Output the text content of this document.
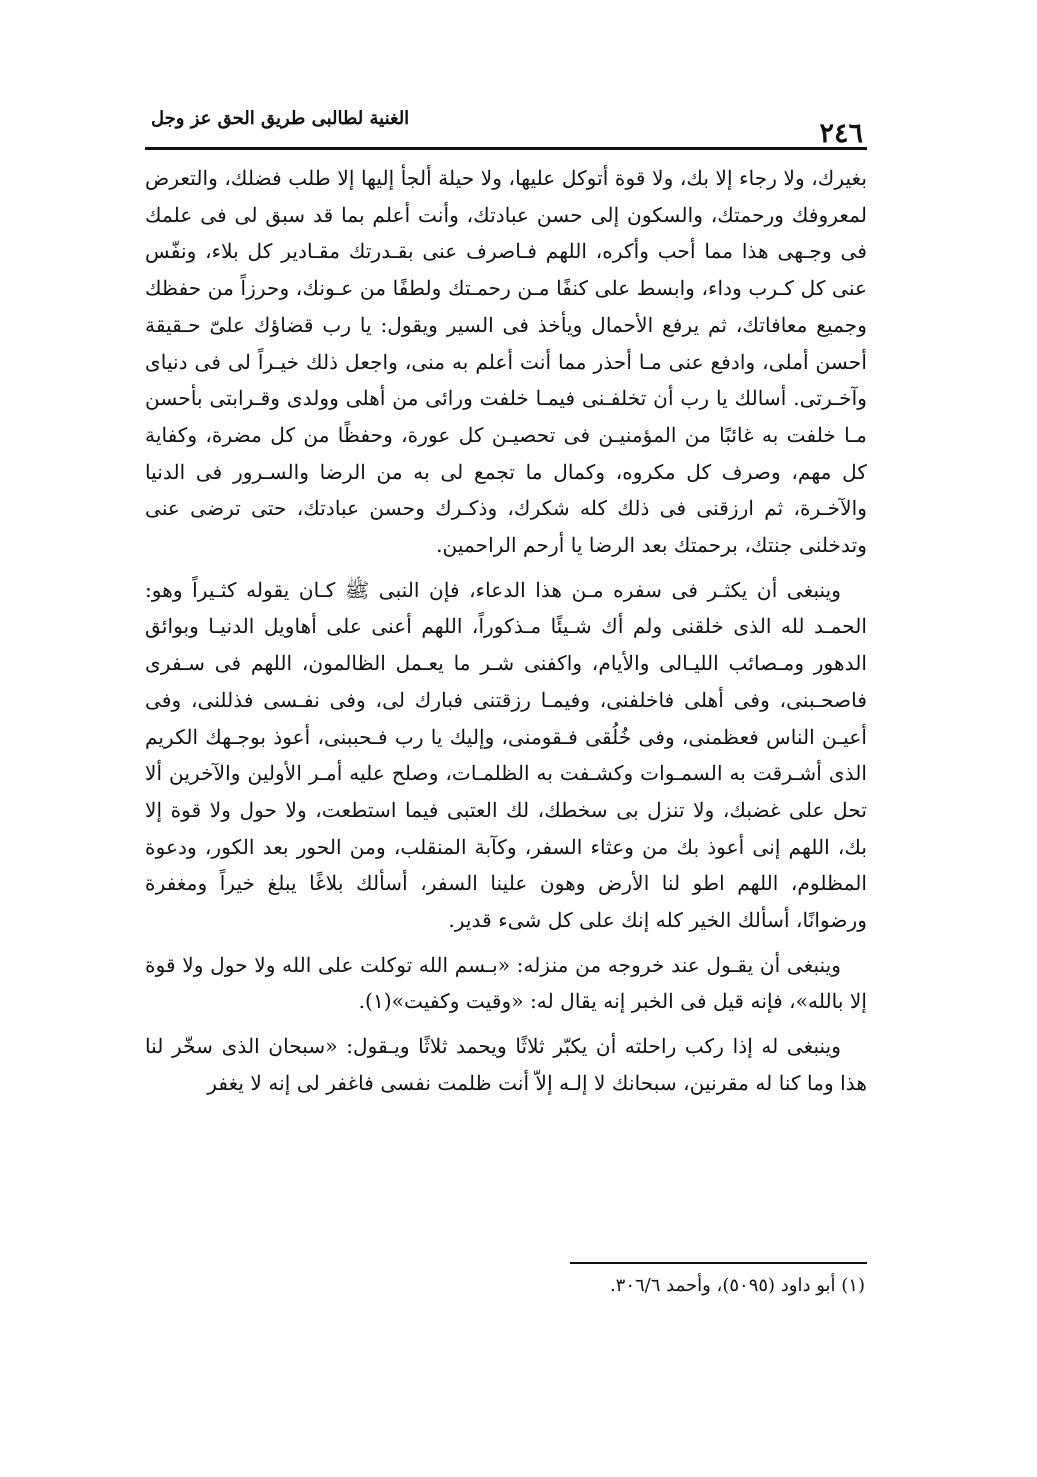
٢٤٦
الغنية لطالبى طريق الحق عز وجل

بغيرك، ولا رجاء إلا بك، ولا قوة أتوكل عليها، ولا حيلة ألجأ إليها إلا طلب فضلك، والتعرض لمعروفك ورحمتك، والسكون إلى حسن عبادتك، وأنت أعلم بما قد سبق لى فى علمك فى وجـهى هذا مما أحب وأكره، اللهم فـاصرف عنى بقـدرتك مقـادير كل بلاء، ونفّس عنى كل كـرب وداء، وابسط على كنفًا مـن رحمـتك ولطفًا من عـونك، وحرزاً من حفظك وجميع معافاتك، ثم يرفع الأحمال ويأخذ فى السير ويقول: يا رب قضاؤك علىّ حـقيقة أحسن أملى، وادفع عنى مـا أحذر مما أنت أعلم به منى، واجعل ذلك خيـراً لى فى دنياى وآخـرتى. أسالك يا رب أن تخلفـنى فيمـا خلفت ورائى من أهلى وولدى وقـرابتى بأحسن مـا خلفت به غائبًا من المؤمنيـن فى تحصيـن كل عورة، وحفظًا من كل مضرة، وكفاية كل مهم، وصرف كل مكروه، وكمال ما تجمع لى به من الرضا والسـرور فى الدنيا والآخـرة، ثم ارزقنى فى ذلك كله شكرك، وذكـرك وحسن عبادتك، حتى ترضى عنى وتدخلنى جنتك، برحمتك بعد الرضا يا أرحم الراحمين.

وينبغى أن يكثـر فى سفره مـن هذا الدعاء، فإن النبى ﷺ كـان يقوله كثـيراً وهو: الحمـد لله الذى خلقنى ولم أك شـيئًا مـذكوراً، اللهم أعنى على أهاويل الدنيـا وبوائق الدهور ومـصائب الليـالى والأيام، واكفنى شـر ما يعـمل الظالمون، اللهم فى سـفرى فاصحـبنى، وفى أهلى فاخلفنى، وفيمـا رزقتنى فبارك لى، وفى نفـسى فذللنى، وفى أعيـن الناس فعظمنى، وفى خُلُقى فـقومنى، وإليك يا رب فـحببنى، أعوذ بوجـهك الكريم الذى أشـرقت به السمـوات وكشـفت به الظلمـات، وصلح عليه أمـر الأولين والآخرين ألا تحل على غضبك، ولا تنزل بى سخطك، لك العتبى فيما استطعت، ولا حول ولا قوة إلا بك، اللهم إنى أعوذ بك من وعثاء السفر، وكآبة المنقلب، ومن الحور بعد الكور، ودعوة المظلوم، اللهم اطو لنا الأرض وهون علينا السفر، أسألك بلاغًا يبلغ خيراً ومغفرة ورضوانًا، أسألك الخير كله إنك على كل شىء قدير.

وينبغى أن يقـول عند خروجه من منزله: «بـسم الله توكلت على الله ولا حول ولا قوة إلا بالله»، فإنه قيل فى الخبر إنه يقال له: «وقيت وكفيت»(١).

وينبغى له إذا ركب راحلته أن يكبّر ثلاثًا ويحمد ثلاثًا ويـقول: «سبحان الذى سخّر لنا هذا وما كنا له مقرنين، سبحانك لا إلـه إلاّ أنت ظلمت نفسى فاغفر لى إنه لا يغفر

(١) أبو داود (٥٠٩٥)، وأحمد ٣٠٦/٦.
